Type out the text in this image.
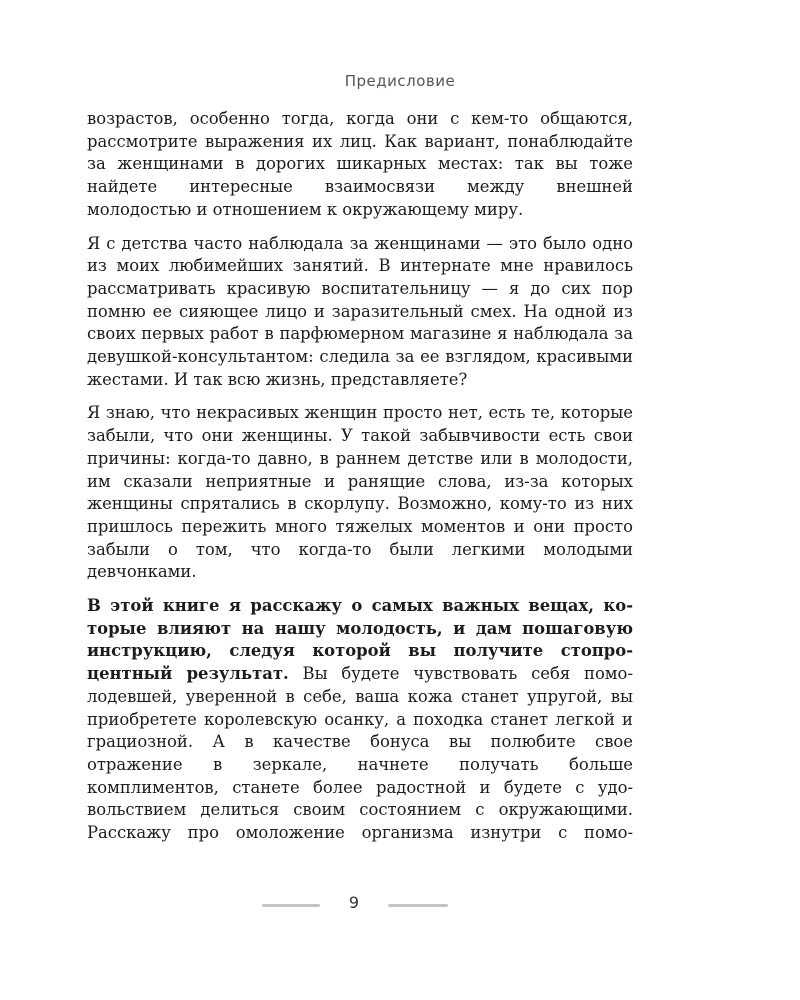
Предисловие

возрастов, особенно тогда, когда они с кем-то общаются, рассмотрите выражения их лиц. Как вариант, понаблюдайте за женщинами в дорогих шикарных местах: так вы тоже найдете интересные взаимосвязи между внешней молодостью и отношением к окружающему миру.

Я с детства часто наблюдала за женщинами — это было одно из моих любимейших занятий. В интернате мне нравилось рассматривать красивую воспитательницу — я до сих пор помню ее сияющее лицо и заразительный смех. На одной из своих первых работ в парфюмерном магазине я наблюдала за девушкой-консультантом: следила за ее взглядом, красивыми жестами. И так всю жизнь, представляете?

Я знаю, что некрасивых женщин просто нет, есть те, которые забыли, что они женщины. У такой забывчивости есть свои причины: когда-то давно, в раннем детстве или в молодости, им сказали неприятные и ранящие слова, из-за которых женщины спрятались в скорлупу. Возможно, кому-то из них пришлось пережить много тяжелых моментов и они просто забыли о том, что когда-то были легкими молодыми девчонками.

В этой книге я расскажу о самых важных вещах, которые влияют на нашу молодость, и дам пошаговую инструкцию, следуя которой вы получите стопроцентный результат. Вы будете чувствовать себя помолодевшей, уверенной в себе, ваша кожа станет упругой, вы приобретете королевскую осанку, а походка станет легкой и грациозной. А в качестве бонуса вы полюбите свое отражение в зеркале, начнете получать больше комплиментов, станете более радостной и будете с удовольствием делиться своим состоянием с окружающими. Расскажу про омоложение организма изнутри с помо-

9
